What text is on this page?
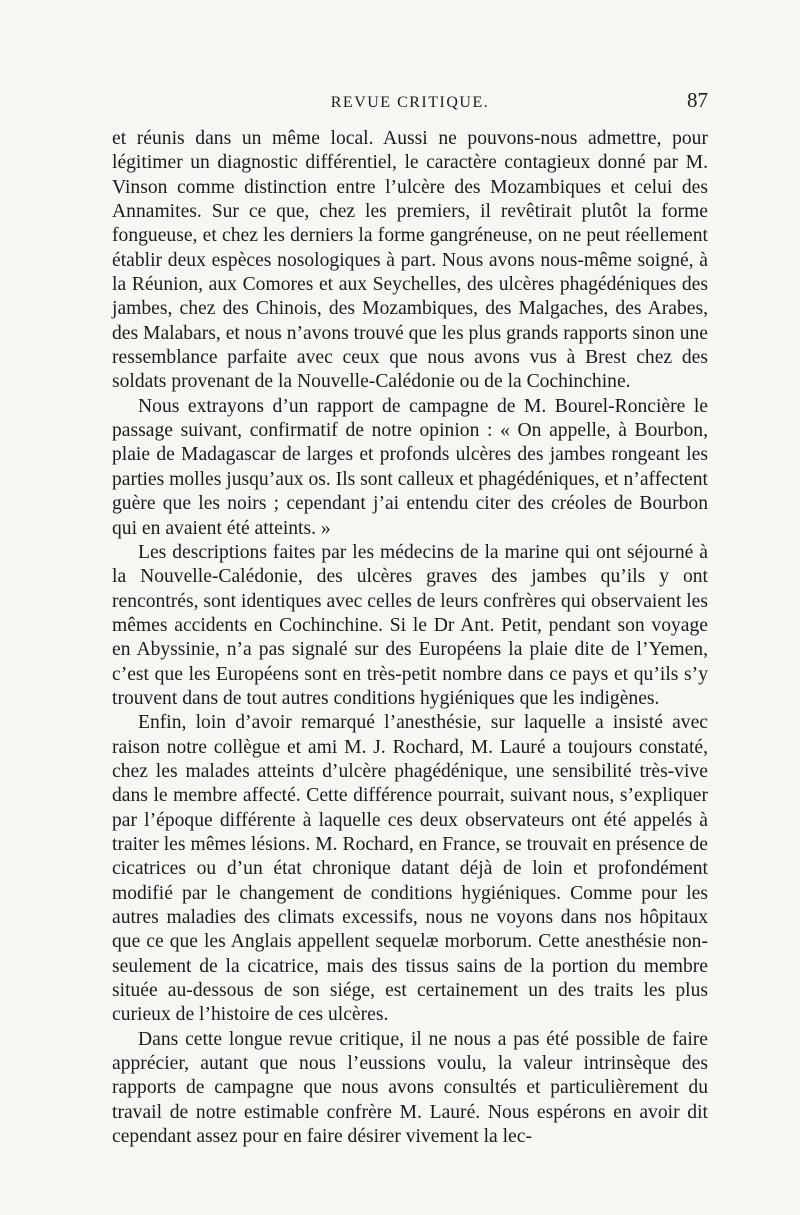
REVUE CRITIQUE.	87

et réunis dans un même local. Aussi ne pouvons-nous admettre, pour légitimer un diagnostic différentiel, le caractère contagieux donné par M. Vinson comme distinction entre l’ulcère des Mozambiques et celui des Annamites. Sur ce que, chez les premiers, il revêtirait plutôt la forme fongueuse, et chez les derniers la forme gangréneuse, on ne peut réellement établir deux espèces nosologiques à part. Nous avons nous-même soigné, à la Réunion, aux Comores et aux Seychelles, des ulcères phagédéniques des jambes, chez des Chinois, des Mozambiques, des Malgaches, des Arabes, des Malabars, et nous n’avons trouvé que les plus grands rapports sinon une ressemblance parfaite avec ceux que nous avons vus à Brest chez des soldats provenant de la Nouvelle-Calédonie ou de la Cochinchine.

Nous extrayons d’un rapport de campagne de M. Bourel-Roncière le passage suivant, confirmatif de notre opinion : « On appelle, à Bourbon, plaie de Madagascar de larges et profonds ulcères des jambes rongeant les parties molles jusqu’aux os. Ils sont calleux et phagédéniques, et n’affectent guère que les noirs ; cependant j’ai entendu citer des créoles de Bourbon qui en avaient été atteints. »

Les descriptions faites par les médecins de la marine qui ont séjourné à la Nouvelle-Calédonie, des ulcères graves des jambes qu’ils y ont rencontrés, sont identiques avec celles de leurs confrères qui observaient les mêmes accidents en Cochinchine. Si le Dr Ant. Petit, pendant son voyage en Abyssinie, n’a pas signalé sur des Européens la plaie dite de l’Yemen, c’est que les Européens sont en très-petit nombre dans ce pays et qu’ils s’y trouvent dans de tout autres conditions hygiéniques que les indigènes.

Enfin, loin d’avoir remarqué l’anesthésie, sur laquelle a insisté avec raison notre collègue et ami M. J. Rochard, M. Lauré a toujours constaté, chez les malades atteints d’ulcère phagédénique, une sensibilité très-vive dans le membre affecté. Cette différence pourrait, suivant nous, s’expliquer par l’époque différente à laquelle ces deux observateurs ont été appelés à traiter les mêmes lésions. M. Rochard, en France, se trouvait en présence de cicatrices ou d’un état chronique datant déjà de loin et profondément modifié par le changement de conditions hygiéniques. Comme pour les autres maladies des climats excessifs, nous ne voyons dans nos hôpitaux que ce que les Anglais appellent sequelæ morborum. Cette anesthésie non-seulement de la cicatrice, mais des tissus sains de la portion du membre située au-dessous de son siége, est certainement un des traits les plus curieux de l’histoire de ces ulcères.

Dans cette longue revue critique, il ne nous a pas été possible de faire apprécier, autant que nous l’eussions voulu, la valeur intrinsèque des rapports de campagne que nous avons consultés et particulièrement du travail de notre estimable confrère M. Lauré. Nous espérons en avoir dit cependant assez pour en faire désirer vivement la lec-
